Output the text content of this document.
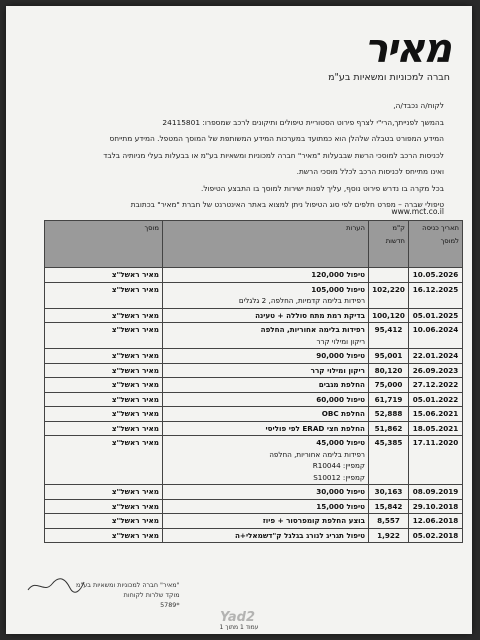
מאיר
חברה למכוניות ומשאיות בע"מ

לקוח/ה נכבד/ה,

בהמשך לפנייתך,הרי"י לצרף פירוט הסטוריית טיפולים ותיקונים לרכב שמספרו: 24115801

המידע המפורט בטבלה שלהלן הוא כמתועד במערכות המידע המשותפת של המוסך המטפל. המידע מתייחס

לכניסות הרכב למוסכי הרשת שבבעלות "מאיר" חברה למכוניות ומשאיות בע"מ או בבעלות בעלי מניותיה בלבד

ואינו מתייחס לכניסות הרכב לכלל מוסכי הרשת.

בכל מקרה בו נדרש פירוט נוסף, עליך לפנות ישירות למוסך בו התבצע הטיפול.

טיפולי שברה – מפרט חלפים לפי סוג הטיפול ניתן למצוא באתר האינטרנט של חברת "מאיר" בכתובת

www.mct.co.il
תאריך כניסה למוסך	ק"מ חדשות	הערות	מוסך
10.05.2026		טיפול 120,000	מאיר ראשל"צ
16.12.2025	102,220	טיפול 105,000
רפידות בלימה קדמיות, החלפה, 2 גלגלים	מאיר ראשל"צ
05.01.2025	100,120	בדיקת רמת מתח סוללה + טעינה	מאיר ראשל"צ
10.06.2024	95,412	רפידות בלימה אחוריות, החלפה
ריקון ומילוי קרר	מאיר ראשל"צ
22.01.2024	95,001	טיפול 90,000	מאיר ראשל"צ
26.09.2023	80,120	ריקון ומילוי קרר	מאיר ראשל"צ
27.12.2022	75,000	החלפת מגבים	מאיר ראשל"צ
05.01.2022	61,719	טיפול 60,000	מאיר ראשל"צ
15.06.2021	52,888	החלפת OBC	מאיר ראשל"צ
18.05.2021	51,862	החלפת חצי ERAD לפי פוליסי	מאיר ראשל"צ
17.11.2020	45,385	טיפול 45,000
רפידות בלימה אחוריות, החלפה
קמפיין: R10044
קמפיין: S10012	מאיר ראשל"צ
08.09.2019	30,163	טיפול 30,000	מאיר ראשל"צ
29.10.2018	15,842	טיפול 15,000	מאיר ראשל"צ
12.06.2018	8,557	בוצע החלפת קומפרסור + פיוז	מאיר ראשל"צ
05.02.2018	1,922	טיפול תגריג לנורג בגלגל ק"דשמאלי+ה	מאיר ראשל"צ
"מאיר" חברה למכוניות ומשאיות בע"מ
מוקד שלרות לקוחות
*5789
Yad2
עמוד 1 מתוך 1
